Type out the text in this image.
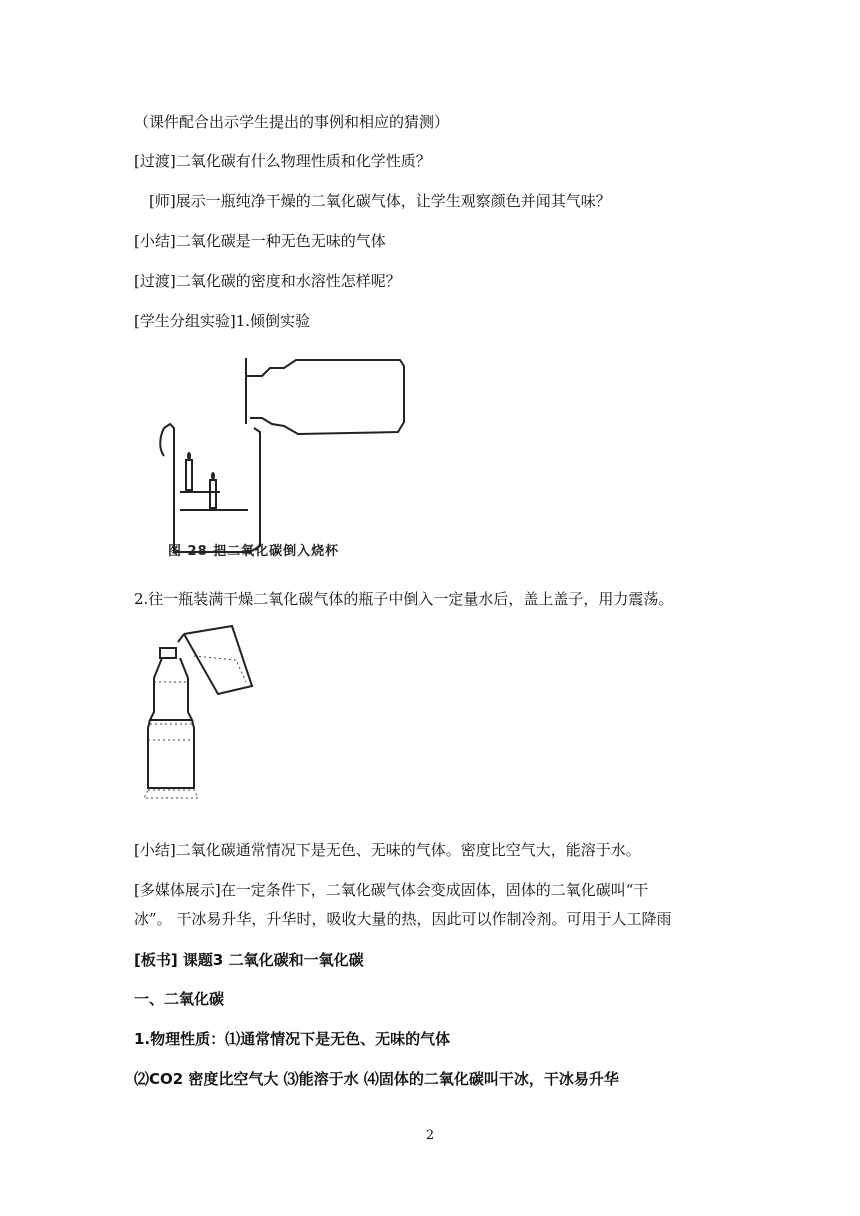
（课件配合出示学生提出的事例和相应的猜测）
[过渡]二氧化碳有什么物理性质和化学性质？
[师]展示一瓶纯净干燥的二氧化碳气体，让学生观察颜色并闻其气味？
[小结]二氧化碳是一种无色无味的气体
[过渡]二氧化碳的密度和水溶性怎样呢？
[学生分组实验]1.倾倒实验
图 28 把二氧化碳倒入烧杯
2.往一瓶装满干燥二氧化碳气体的瓶子中倒入一定量水后，盖上盖子，用力震荡。
[小结]二氧化碳通常情况下是无色、无味的气体。密度比空气大，能溶于水。
[多媒体展示]在一定条件下，二氧化碳气体会变成固体，固体的二氧化碳叫“干
冰”。 干冰易升华，升华时，吸收大量的热，因此可以作制冷剂。可用于人工降雨
[板书] 课题3 二氧化碳和一氧化碳
一、二氧化碳
1.物理性质：⑴通常情况下是无色、无味的气体
⑵CO2 密度比空气大 ⑶能溶于水 ⑷固体的二氧化碳叫干冰，干冰易升华
2
